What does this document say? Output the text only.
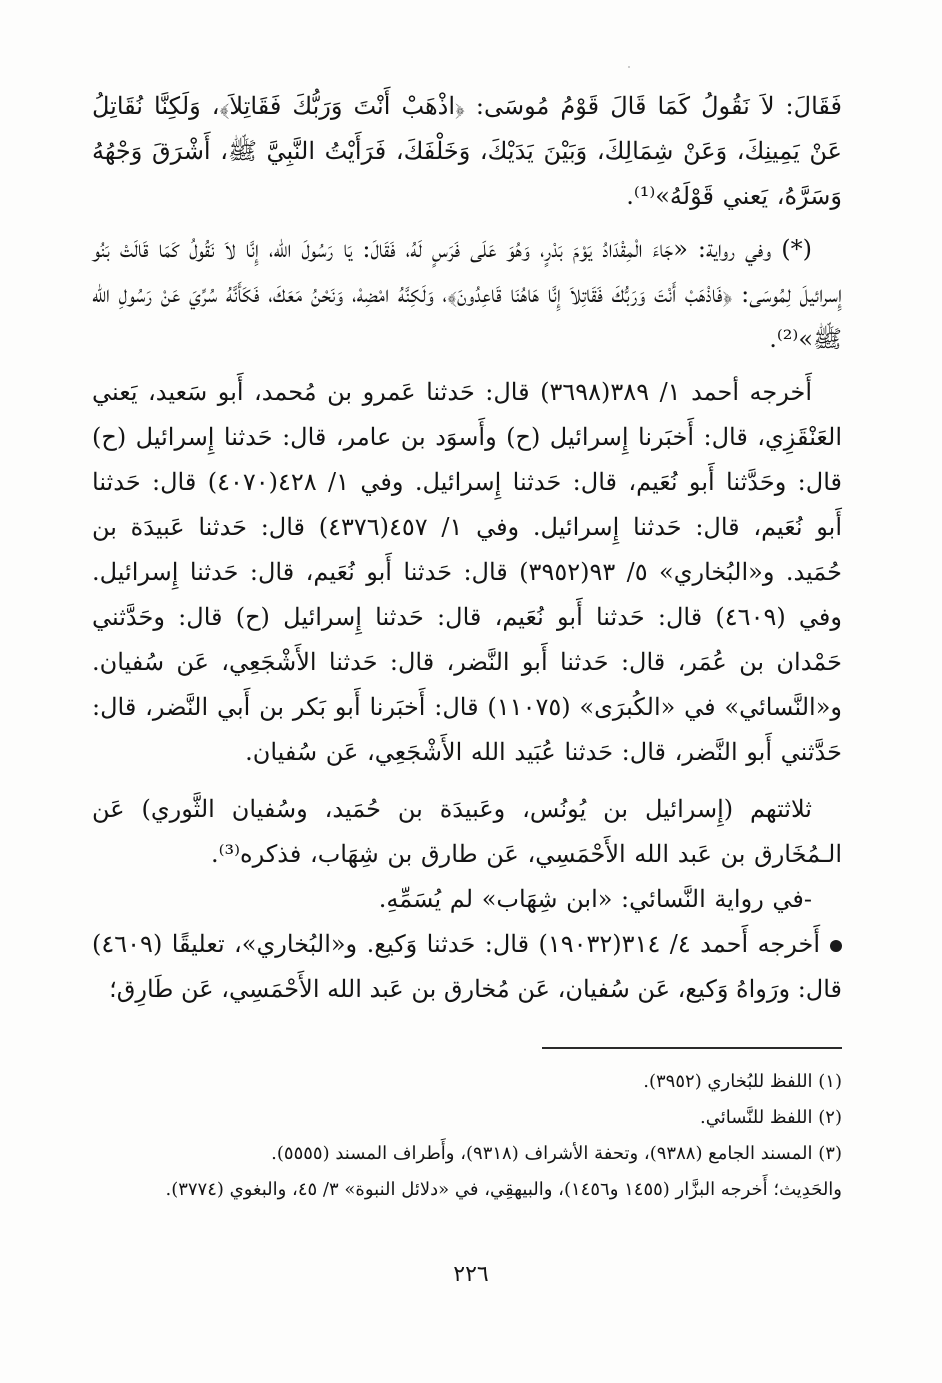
فَقَالَ: لاَ نَقُولُ كَمَا قَالَ قَوْمُ مُوسَى: ﴿اذْهَبْ أَنْتَ وَرَبُّكَ فَقَاتِلاَ﴾، وَلَكِنَّا نُقَاتِلُ عَنْ يَمِينِكَ، وَعَنْ شِمَالِكَ، وَبَيْنَ يَدَيْكَ، وَخَلْفَكَ، فَرَأَيْتُ النَّبِيَّ ﷺ، أَشْرَقَ وَجْهُهُ وَسَرَّهُ، يَعني قَوْلَهُ»⁽¹⁾.

(*) وفي رواية: «جَاءَ الْمِقْدَادُ يَوْمَ بَدْرٍ، وَهُوَ عَلَى فَرَسٍ لَهُ، فَقَالَ: يَا رَسُولَ الله، إِنَّا لاَ نَقُولُ كَمَا قَالَتْ بَنُو إِسرائيلَ لِمُوسَى: ﴿فَاذْهَبْ أَنْتَ وَرَبُّكَ فَقَاتِلاَ إِنَّا هَاهُنَا قَاعِدُونَ﴾، وَلَكِنَّهُ امْضِهْ، وَنَحْنُ مَعَكَ، فَكَأَنَّهُ سُرِّيَ عَنْ رَسُولِ الله ﷺ»⁽²⁾.

أَخرجه أحمد ١/ ٣٨٩(٣٦٩٨) قال: حَدثنا عَمرو بن مُحمد، أَبو سَعيد، يَعني العَنْقَزِي، قال: أَخبَرنا إِسرائيل (ح) وأَسوَد بن عامر، قال: حَدثنا إِسرائيل (ح) قال: وحَدَّثنا أَبو نُعَيم، قال: حَدثنا إِسرائيل. وفي ١/ ٤٢٨(٤٠٧٠) قال: حَدثنا أَبو نُعَيم، قال: حَدثنا إِسرائيل. وفي ١/ ٤٥٧(٤٣٧٦) قال: حَدثنا عَبيدَة بن حُمَيد. و«البُخاري» ٥/ ٩٣(٣٩٥٢) قال: حَدثنا أَبو نُعَيم، قال: حَدثنا إِسرائيل. وفي (٤٦٠٩) قال: حَدثنا أَبو نُعَيم، قال: حَدثنا إِسرائيل (ح) قال: وحَدَّثني حَمْدان بن عُمَر، قال: حَدثنا أَبو النَّضر، قال: حَدثنا الأَشْجَعِي، عَن سُفيان. و«النَّسائي» في «الكُبرَى» (١١٠٧٥) قال: أَخبَرنا أَبو بَكر بن أَبي النَّضر، قال: حَدَّثني أَبو النَّضر، قال: حَدثنا عُبَيد الله الأَشْجَعِي، عَن سُفيان.

ثلاثتهم (إِسرائيل بن يُونُس، وعَبيدَة بن حُمَيد، وسُفيان الثَّوري) عَن الـمُخَارق بن عَبد الله الأَحْمَسِي، عَن طارق بن شِهَاب، فذكره⁽³⁾.

-في رواية النَّسائي: «ابن شِهَاب» لم يُسَمِّهِ.

أَخرجه أَحمد ٤/ ٣١٤(١٩٠٣٢) قال: حَدثنا وَكيع. و«البُخاري»، تعليقًا (٤٦٠٩) قال: ورَواهُ وَكيع، عَن سُفيان، عَن مُخارق بن عَبد الله الأَحْمَسِي، عَن طَارِق؛

(١) اللفظ للبُخاري (٣٩٥٢).

(٢) اللفظ للنَّسائي.

(٣) المسند الجامع (٩٣٨٨)، وتحفة الأشراف (٩٣١٨)، وأَطراف المسند (٥٥٥٥).

والحَدِيث؛ أَخرجه البزَّار (١٤٥٥ و١٤٥٦)، والبيهقِي، في «دلائل النبوة» ٣/ ٤٥، والبغوي (٣٧٧٤).

٢٢٦
